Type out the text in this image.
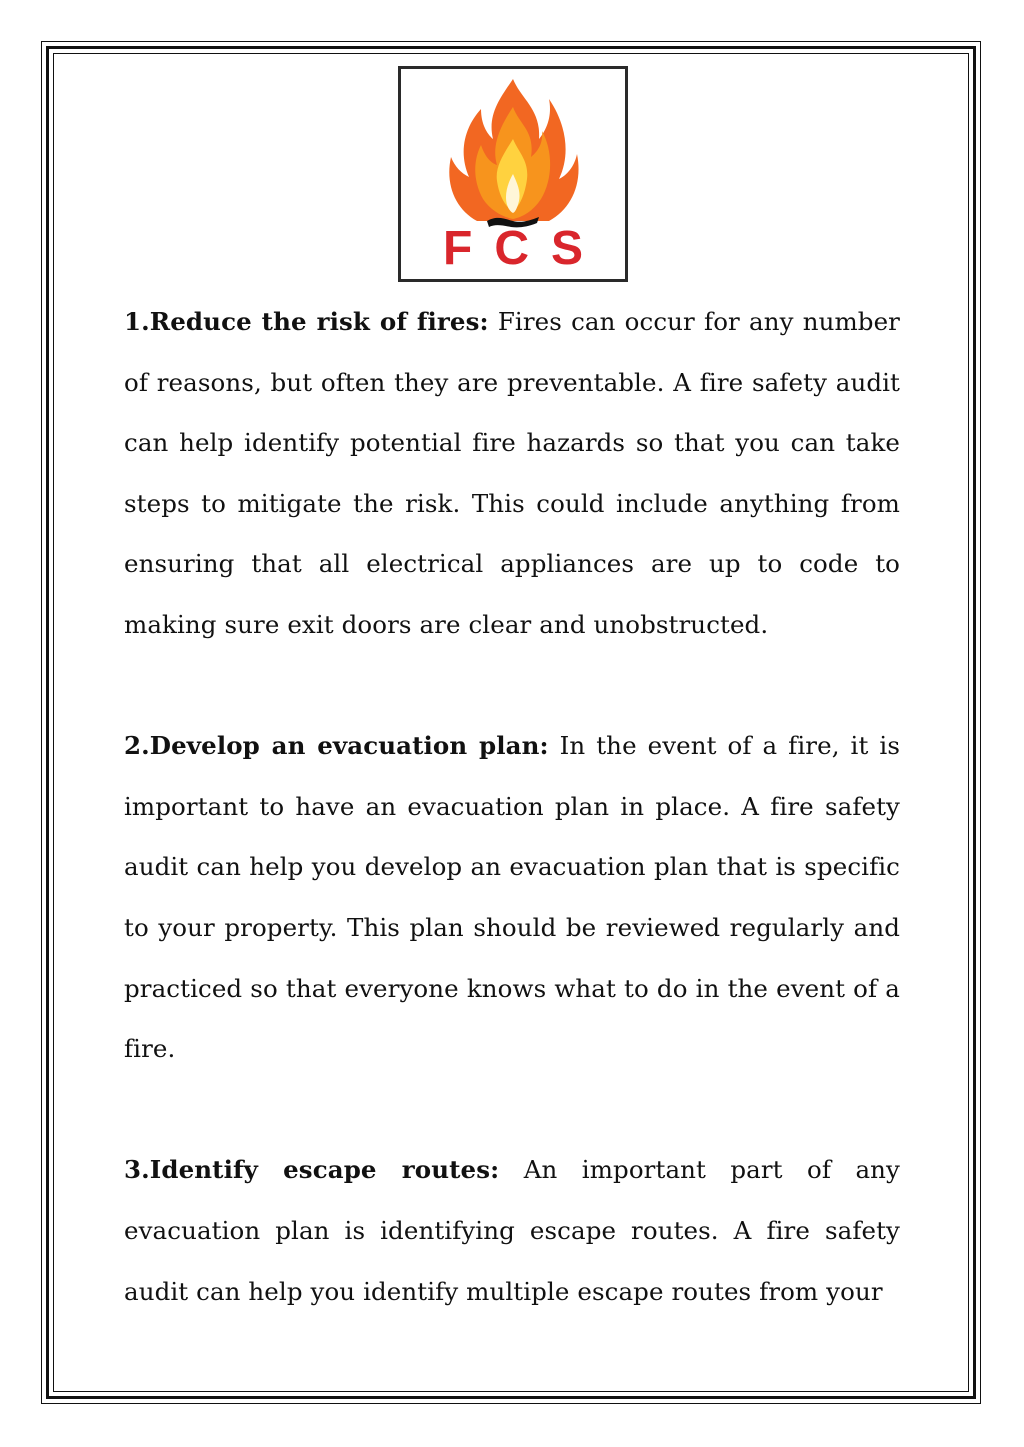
FCS

1.Reduce the risk of fires: Fires can occur for any number of reasons, but often they are preventable. A fire safety audit can help identify potential fire hazards so that you can take steps to mitigate the risk. This could include anything from ensuring that all electrical appliances are up to code to making sure exit doors are clear and unobstructed.

2.Develop an evacuation plan: In the event of a fire, it is important to have an evacuation plan in place. A fire safety audit can help you develop an evacuation plan that is specific to your property. This plan should be reviewed regularly and practiced so that everyone knows what to do in the event of a fire.

3.Identify escape routes: An important part of any evacuation plan is identifying escape routes. A fire safety audit can help you identify multiple escape routes from your
